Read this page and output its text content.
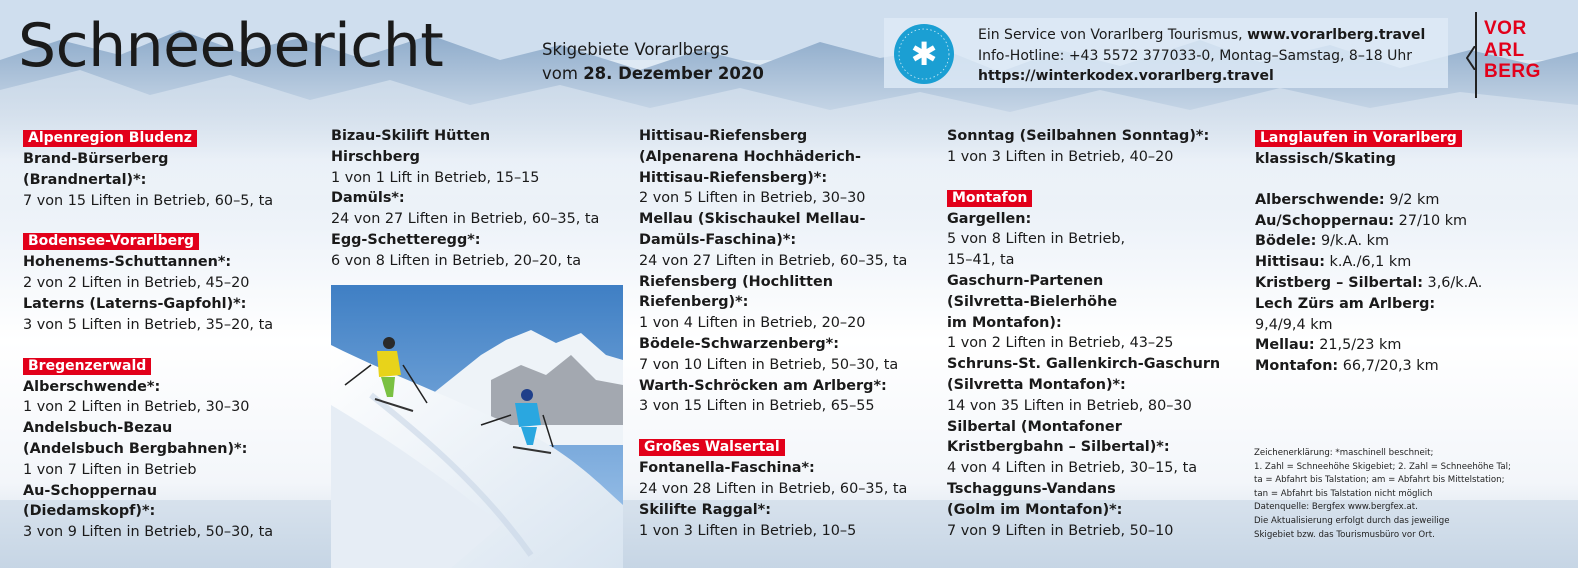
Schneebericht	Skigebiete Vorarlbergs
vom 28. Dezember 2020
✱	Ein Service von Vorarlberg Tourismus, www.vorarlberg.travel
Info-Hotline: +43 5572 377033-0, Montag–Samstag, 8–18 Uhr
https://winterkodex.vorarlberg.travel
VOR
ARL
BERG
Alpenregion Bludenz
Brand-Bürserberg
(Brandnertal)*:
7 von 15 Liften in Betrieb, 60–5, ta
Bodensee-Vorarlberg
Hohenems-Schuttannen*:
2 von 2 Liften in Betrieb, 45–20
Laterns (Laterns-Gapfohl)*:
3 von 5 Liften in Betrieb, 35–20, ta
Bregenzerwald
Alberschwende*:
1 von 2 Liften in Betrieb, 30–30
Andelsbuch-Bezau
(Andelsbuch Bergbahnen)*:
1 von 7 Liften in Betrieb
Au-Schoppernau
(Diedamskopf)*:
3 von 9 Liften in Betrieb, 50–30, ta
Bizau-Skilift Hütten
Hirschberg
1 von 1 Lift in Betrieb, 15–15
Damüls*:
24 von 27 Liften in Betrieb, 60–35, ta
Egg-Schetteregg*:
6 von 8 Liften in Betrieb, 20–20, ta
Hittisau-Riefensberg
(Alpenarena Hochhäderich-
Hittisau-Riefensberg)*:
2 von 5 Liften in Betrieb, 30–30
Mellau (Skischaukel Mellau-
Damüls-Faschina)*:
24 von 27 Liften in Betrieb, 60–35, ta
Riefensberg (Hochlitten
Riefenberg)*:
1 von 4 Liften in Betrieb, 20–20
Bödele-Schwarzenberg*:
7 von 10 Liften in Betrieb, 50–30, ta
Warth-Schröcken am Arlberg*:
3 von 15 Liften in Betrieb, 65–55
Großes Walsertal
Fontanella-Faschina*:
24 von 28 Liften in Betrieb, 60–35, ta
Skilifte Raggal*:
1 von 3 Liften in Betrieb, 10–5
Sonntag (Seilbahnen Sonntag)*:
1 von 3 Liften in Betrieb, 40–20
Montafon
Gargellen:
5 von 8 Liften in Betrieb,
15–41, ta
Gaschurn-Partenen
(Silvretta-Bielerhöhe
im Montafon):
1 von 2 Liften in Betrieb, 43–25
Schruns-St. Gallenkirch-Gaschurn
(Silvretta Montafon)*:
14 von 35 Liften in Betrieb, 80–30
Silbertal (Montafoner
Kristbergbahn – Silbertal)*:
4 von 4 Liften in Betrieb, 30–15, ta
Tschagguns-Vandans
(Golm im Montafon)*:
7 von 9 Liften in Betrieb, 50–10
Langlaufen in Vorarlberg
klassisch/Skating
Alberschwende: 9/2 km
Au/Schoppernau: 27/10 km
Bödele: 9/k.A. km
Hittisau: k.A./6,1 km
Kristberg – Silbertal: 3,6/k.A.
Lech Zürs am Arlberg:
9,4/9,4 km
Mellau: 21,5/23 km
Montafon: 66,7/20,3 km
Zeichenerklärung: *maschinell beschneit;
1. Zahl = Schneehöhe Skigebiet; 2. Zahl = Schneehöhe Tal;
ta = Abfahrt bis Talstation; am = Abfahrt bis Mittelstation;
tan = Abfahrt bis Talstation nicht möglich
Datenquelle: Bergfex www.bergfex.at.
Die Aktualisierung erfolgt durch das jeweilige
Skigebiet bzw. das Tourismusbüro vor Ort.
